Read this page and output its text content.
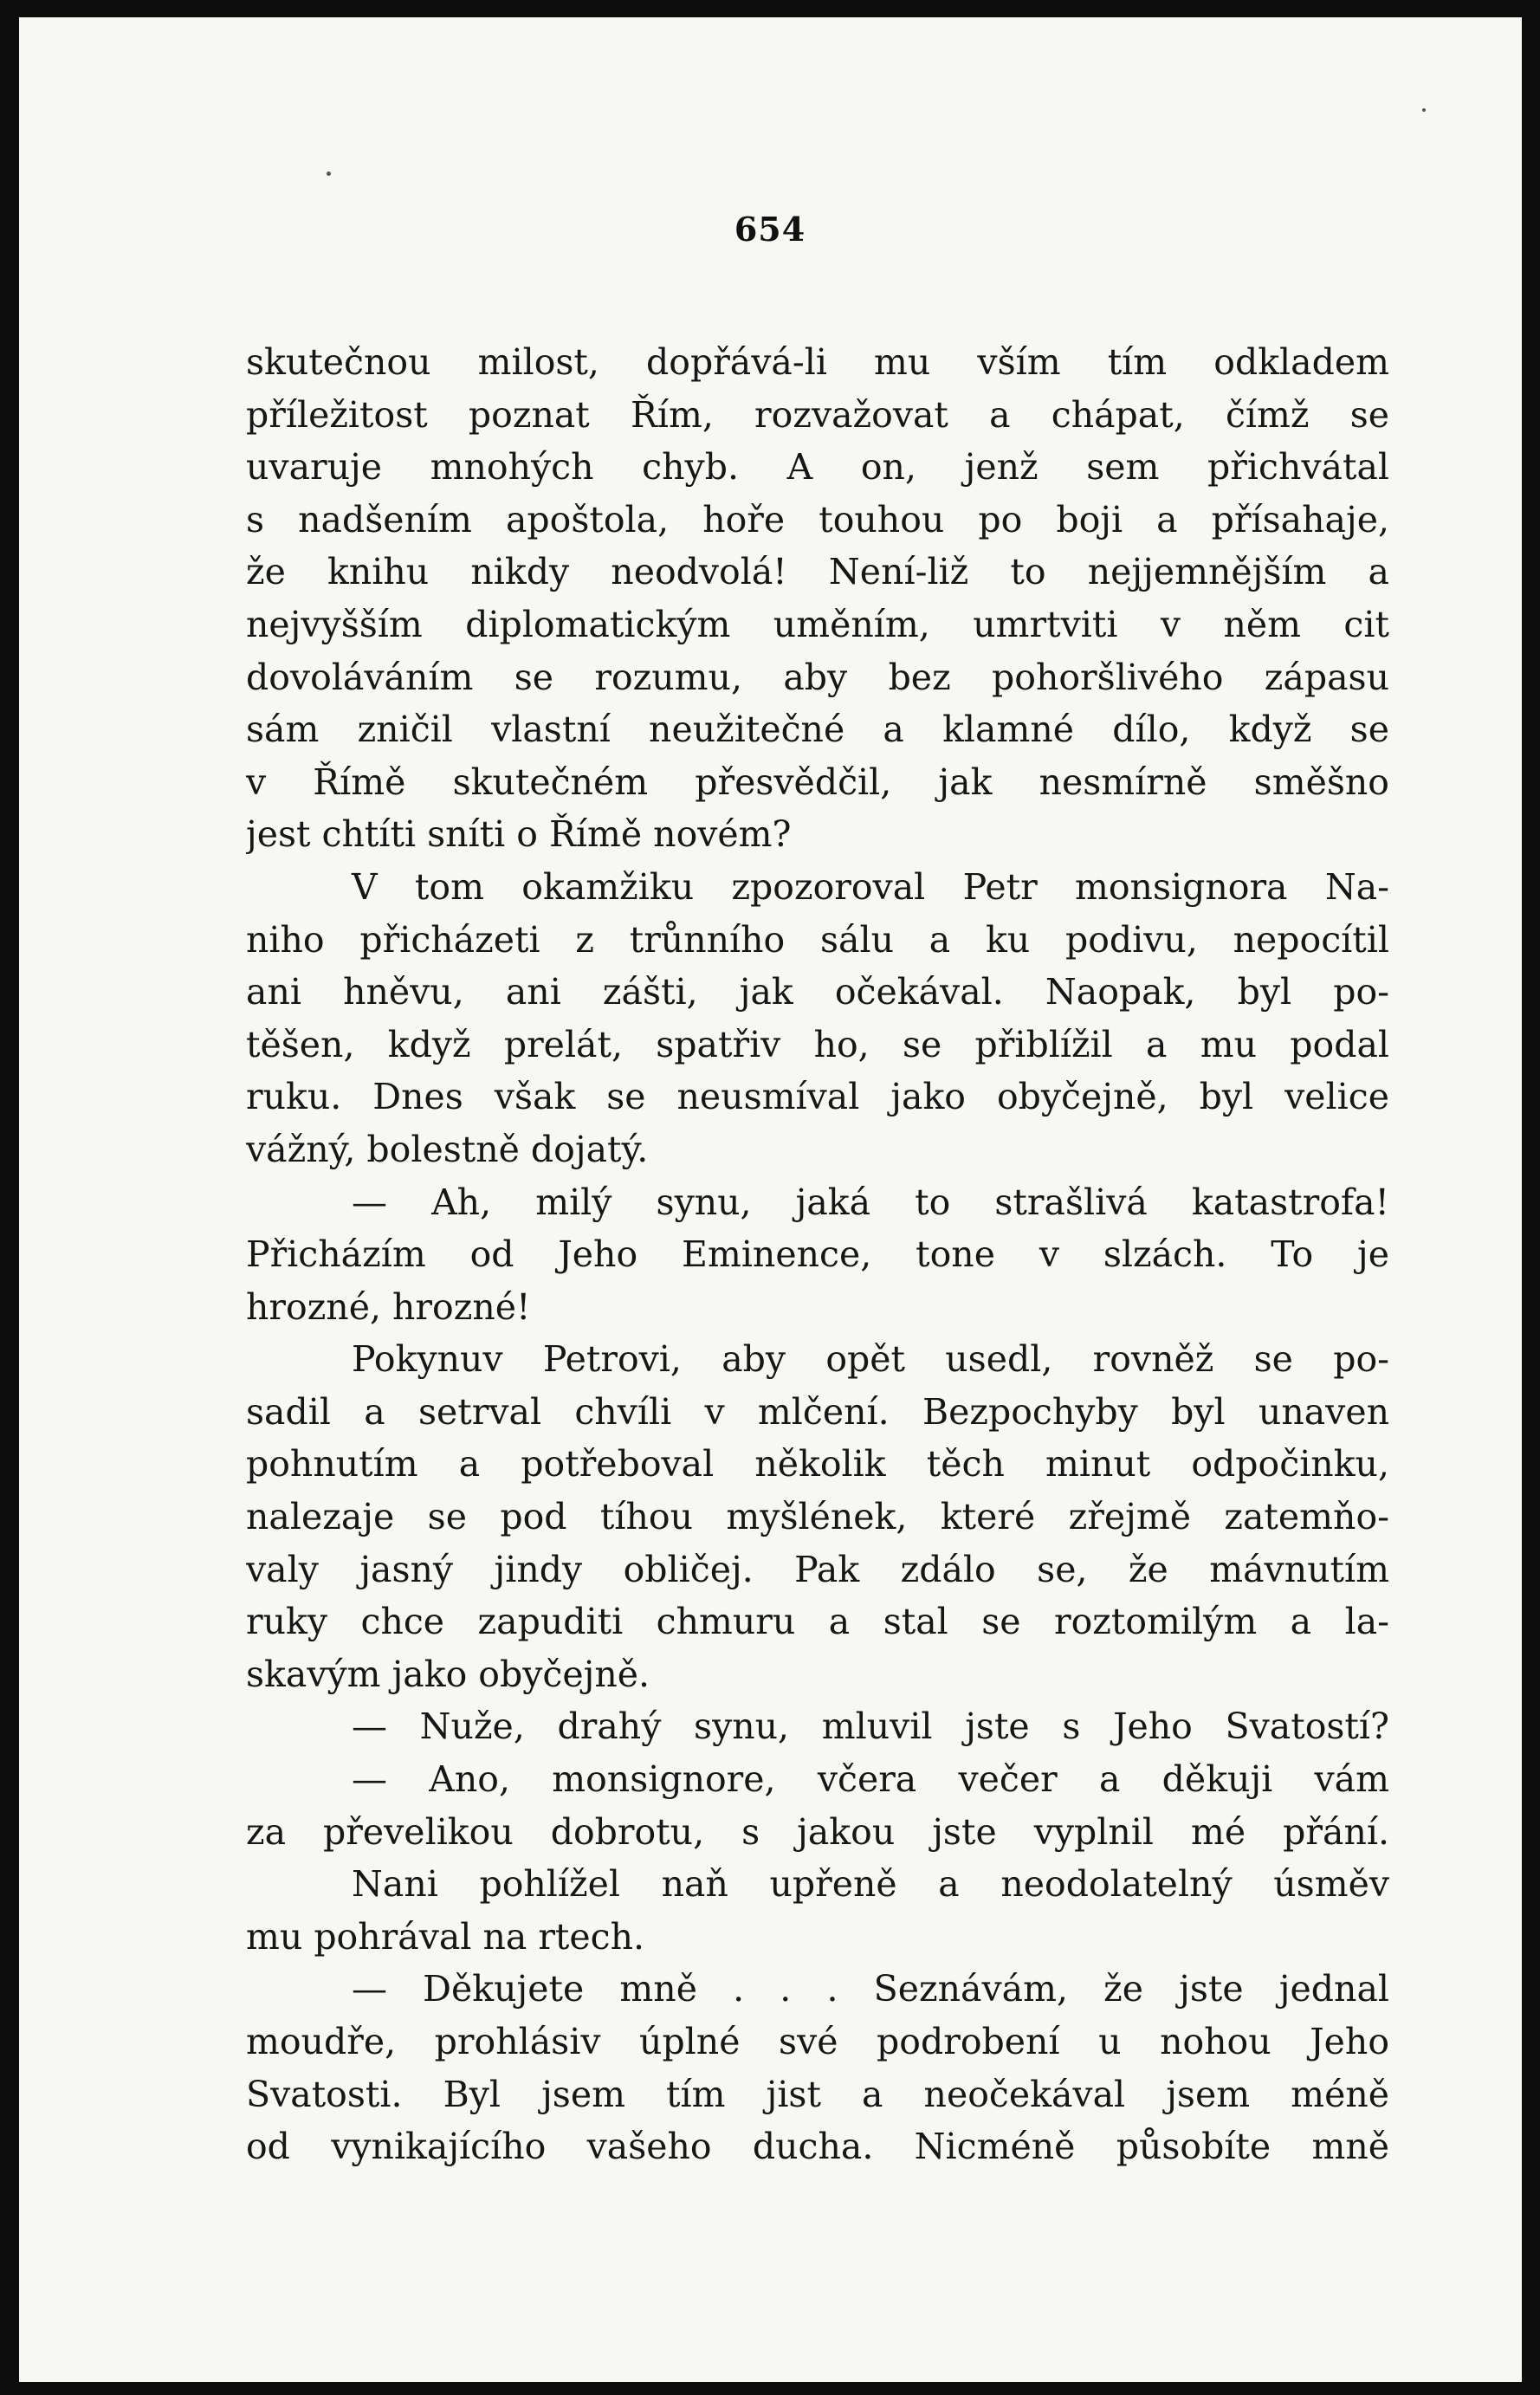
654
skutečnou milost, dopřává-li mu vším tím odkladem
příležitost poznat Řím, rozvažovat a chápat, čímž se
uvaruje mnohých chyb. A on, jenž sem přichvátal
s nadšením apoštola, hoře touhou po boji a přísahaje,
že knihu nikdy neodvolá! Není-liž to nejjemnějším a
nejvyšším diplomatickým uměním, umrtviti v něm cit
dovoláváním se rozumu, aby bez pohoršlivého zápasu
sám zničil vlastní neužitečné a klamné dílo, když se
v Římě skutečném přesvědčil, jak nesmírně směšno
jest chtíti sníti o Římě novém?
V tom okamžiku zpozoroval Petr monsignora Na-
niho přicházeti z trůnního sálu a ku podivu, nepocítil
ani hněvu, ani zášti, jak očekával. Naopak, byl po-
těšen, když prelát, spatřiv ho, se přiblížil a mu podal
ruku. Dnes však se neusmíval jako obyčejně, byl velice
vážný, bolestně dojatý.
— Ah, milý synu, jaká to strašlivá katastrofa!
Přicházím od Jeho Eminence, tone v slzách. To je
hrozné, hrozné!
Pokynuv Petrovi, aby opět usedl, rovněž se po-
sadil a setrval chvíli v mlčení. Bezpochyby byl unaven
pohnutím a potřeboval několik těch minut odpočinku,
nalezaje se pod tíhou myšlének, které zřejmě zatemňo-
valy jasný jindy obličej. Pak zdálo se, že mávnutím
ruky chce zapuditi chmuru a stal se roztomilým a la-
skavým jako obyčejně.
— Nuže, drahý synu, mluvil jste s Jeho Svatostí?
— Ano, monsignore, včera večer a děkuji vám
za převelikou dobrotu, s jakou jste vyplnil mé přání.
Nani pohlížel naň upřeně a neodolatelný úsměv
mu pohrával na rtech.
— Děkujete mně . . . Seznávám, že jste jednal
moudře, prohlásiv úplné své podrobení u nohou Jeho
Svatosti. Byl jsem tím jist a neočekával jsem méně
od vynikajícího vašeho ducha. Nicméně působíte mně
